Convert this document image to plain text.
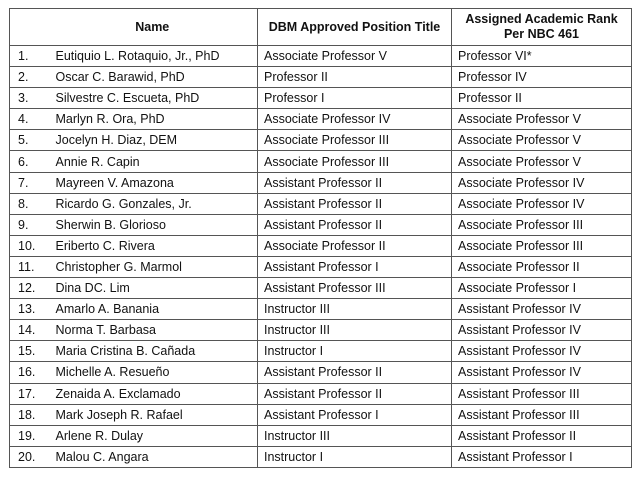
	Name	DBM Approved Position Title	Assigned Academic Rank Per NBC 461
1.	Eutiquio L. Rotaquio, Jr., PhD	Associate Professor V	Professor VI*
2.	Oscar C. Barawid, PhD	Professor II	Professor IV
3.	Silvestre C. Escueta, PhD	Professor I	Professor II
4.	Marlyn R. Ora, PhD	Associate Professor IV	Associate Professor V
5.	Jocelyn H. Diaz, DEM	Associate Professor III	Associate Professor V
6.	Annie R. Capin	Associate Professor III	Associate Professor V
7.	Mayreen V. Amazona	Assistant Professor II	Associate Professor IV
8.	Ricardo G. Gonzales, Jr.	Assistant Professor II	Associate Professor IV
9.	Sherwin B. Glorioso	Assistant Professor II	Associate Professor III
10.	Eriberto C. Rivera	Associate Professor II	Associate Professor III
11.	Christopher G. Marmol	Assistant Professor I	Associate Professor II
12.	Dina DC. Lim	Assistant Professor III	Associate Professor I
13.	Amarlo A. Banania	Instructor III	Assistant Professor IV
14.	Norma T. Barbasa	Instructor III	Assistant Professor IV
15.	Maria Cristina B. Cañada	Instructor I	Assistant Professor IV
16.	Michelle A. Resueño	Assistant Professor II	Assistant Professor IV
17.	Zenaida A. Exclamado	Assistant Professor II	Assistant Professor III
18.	Mark Joseph R. Rafael	Assistant Professor I	Assistant Professor III
19.	Arlene R. Dulay	Instructor III	Assistant Professor II
20.	Malou C. Angara	Instructor I	Assistant Professor I
